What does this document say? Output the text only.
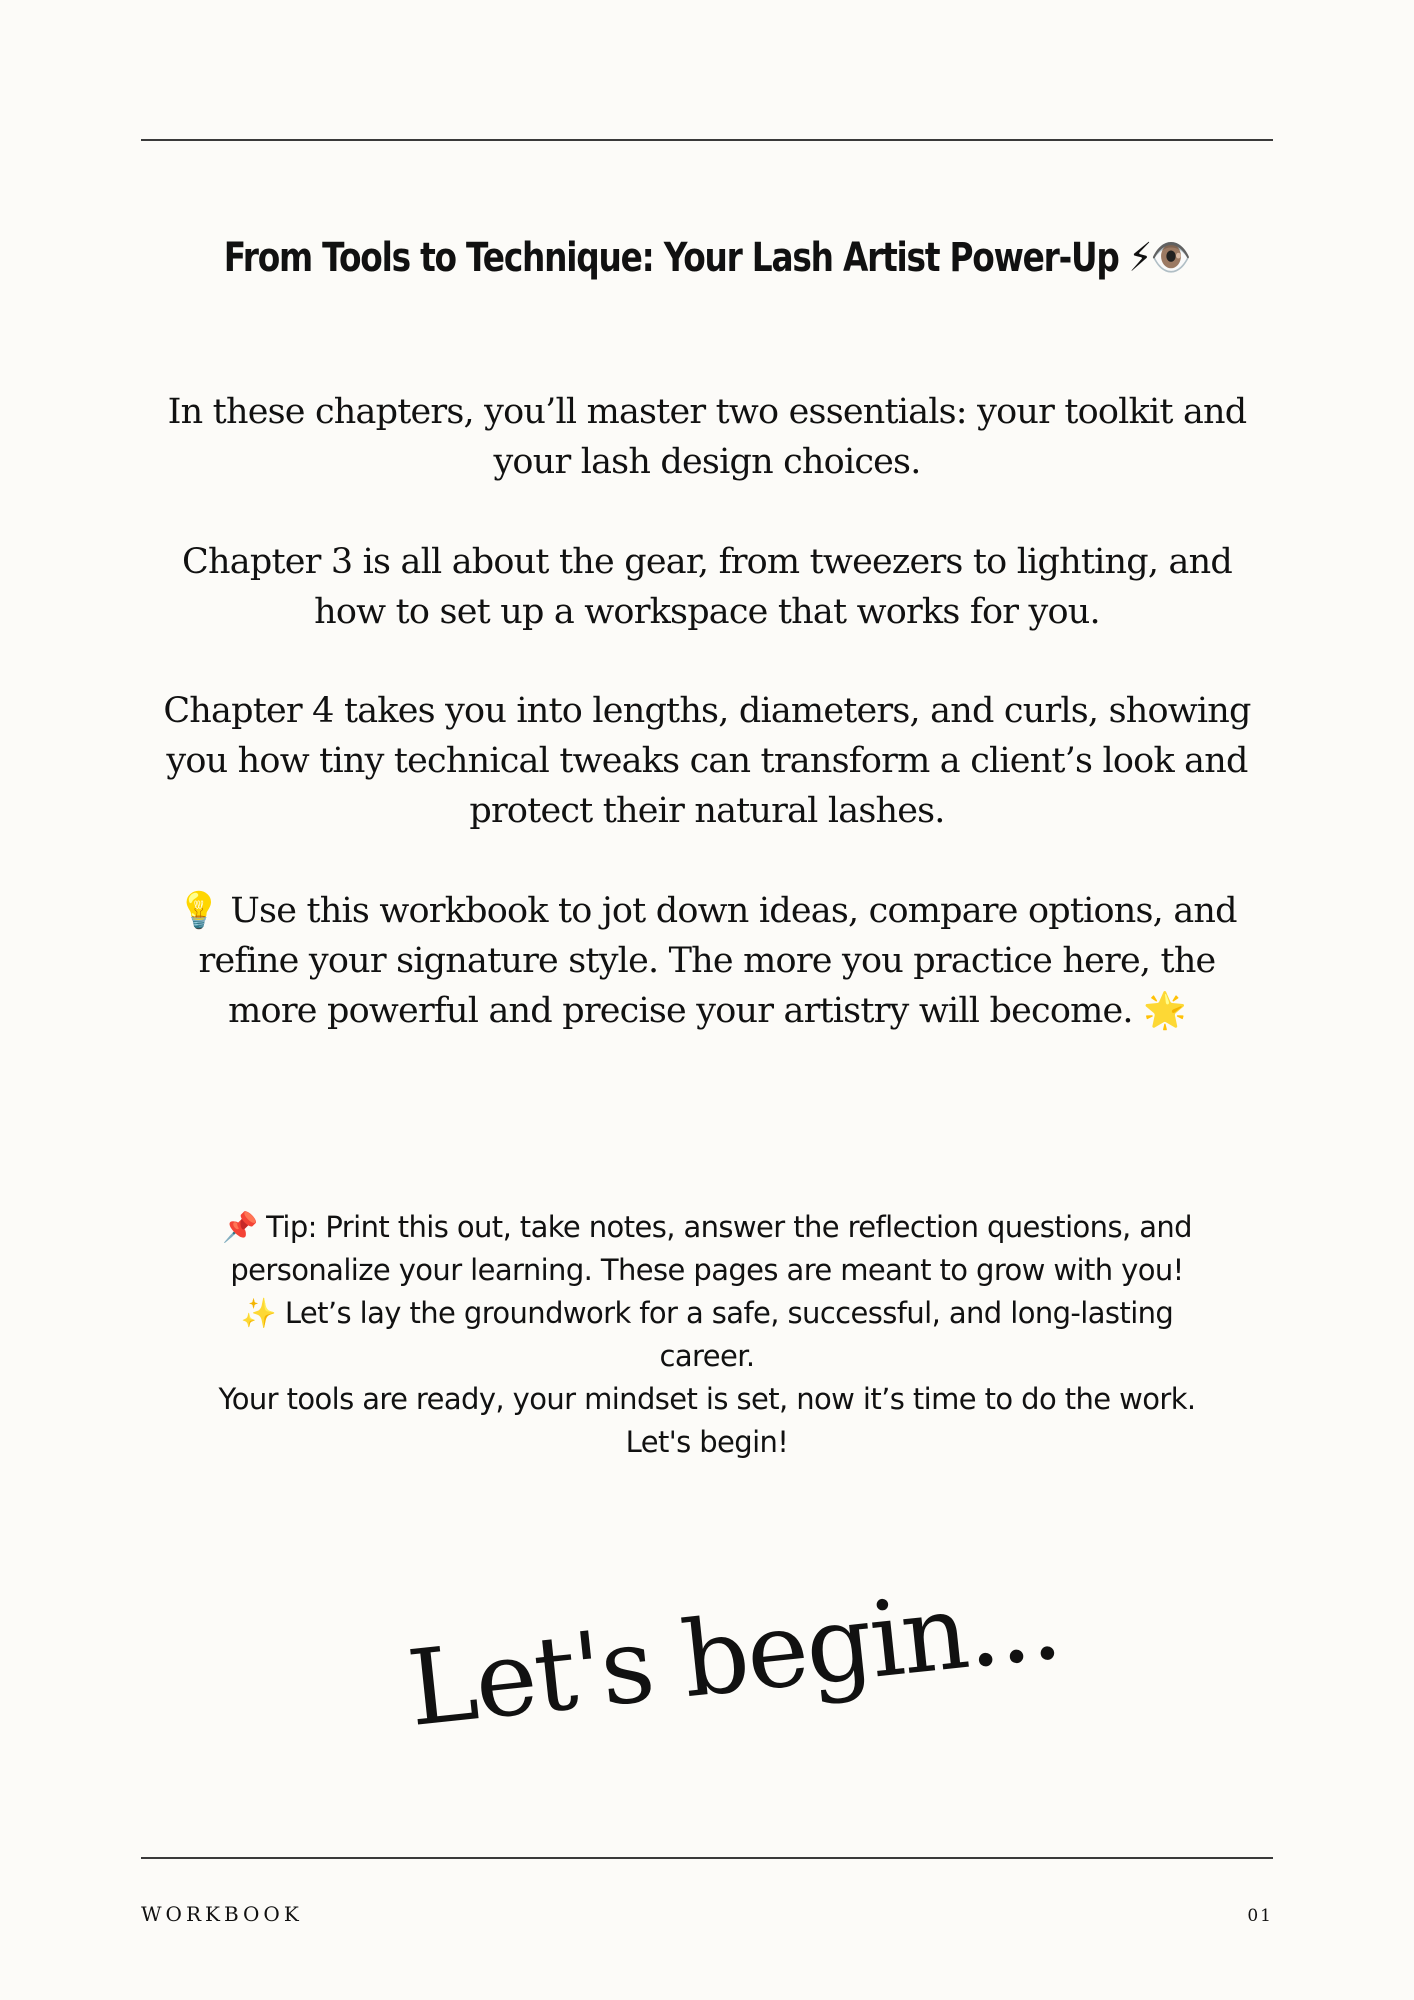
From Tools to Technique: Your Lash Artist Power-Up ⚡👁️
In these chapters, you’ll master two essentials: your toolkit and
your lash design choices.
Chapter 3 is all about the gear, from tweezers to lighting, and
how to set up a workspace that works for you.
Chapter 4 takes you into lengths, diameters, and curls, showing
you how tiny technical tweaks can transform a client’s look and
protect their natural lashes.
💡 Use this workbook to jot down ideas, compare options, and
refine your signature style. The more you practice here, the
more powerful and precise your artistry will become. 🌟
📌 Tip: Print this out, take notes, answer the reflection questions, and
personalize your learning. These pages are meant to grow with you!
✨ Let’s lay the groundwork for a safe, successful, and long-lasting
career.
Your tools are ready, your mindset is set, now it’s time to do the work.
Let's begin!
Let's begin...
WORKBOOK	01
